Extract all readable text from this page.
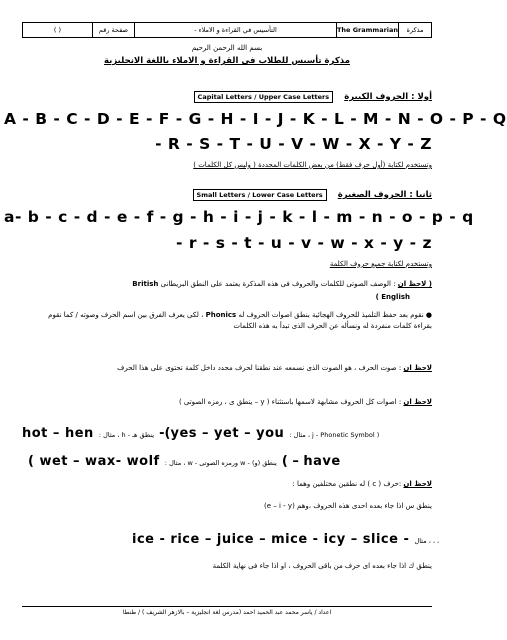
( )	صفحة رقم	- التأسيس في القراءة و الاملاء	The Grammarian	مذكرة
بسم الله الرحمن الرحيم
مذكرة تأسيس للطلاب فى القراءة و الاملاء باللغة الانجليزية
أولا : الحروف الكبيرة Capital Letters / Upper Case Letters
A - B - C - D - E - F - G - H - I - J - K - L - M - N - O - P - Q
- R - S - T - U - V - W - X - Y - Z
وتستخدم لكتابة (أول حرف فقط) من بعض الكلمات المحددة ( وليس كل الكلمات )
ثانيا : الحروف الصغيرة Small Letters / Lower Case Letters
a- b - c - d - e - f - g - h - i - j - k - l - m - n - o - p - q
- r - s - t - u - v - w - x - y - z
وتستخدم لكتابة جميع حروف الكلمة
( لاحظ ان : الوصف الصوتى للكلمات والحروف فى هذه المذكرة يعتمد على النطق البريطانى British
English )
● نقوم بعد حفظ التلميذ للحروف الهجائية بنطق اصوات الحروف له Phonics ، لكى يعرف الفرق بين اسم الحرف وصوته / كما نقوم بقراءة كلمات منفردة له ونسأله عن الحرف الذى تبدأ به هذه الكلمات
لاحظ ان : صوت الحرف ، هو الصوت الذى نسمعه عند نطقنا لحرف محدد داخل كلمة تحتوى على هذا الحرف
لاحظ ان : اصوات كل الحروف مشابهة لاسمها باستثناء ( y – ينطق ى ، رمزه الصوتى )
hot – hen : مثال ، h - ينطق هـ -(yes – yet – you : مثال ، j - Phonetic Symbol )
( wet – wax- wolf : مثال ، w - ورمزه الصوتى w - ينطق (و) ( – have
لاحظ ان :حرف ( c ) له نطقين مختلفين وهما :
ينطق س اذا جاء بعده احدى هذه الحروف ،وهم (e – i - y)
ice - rice – juice – mice - icy – slice - مثال ، ، ،
ينطق ك اذا جاء بعده اى حرف من باقى الحروف ، او اذا جاء فى نهاية الكلمة
اعداد / ياسر محمد عبد الحميد احمد (مدرس لغة انجليزية – بالازهر الشريف ) / طنطا
